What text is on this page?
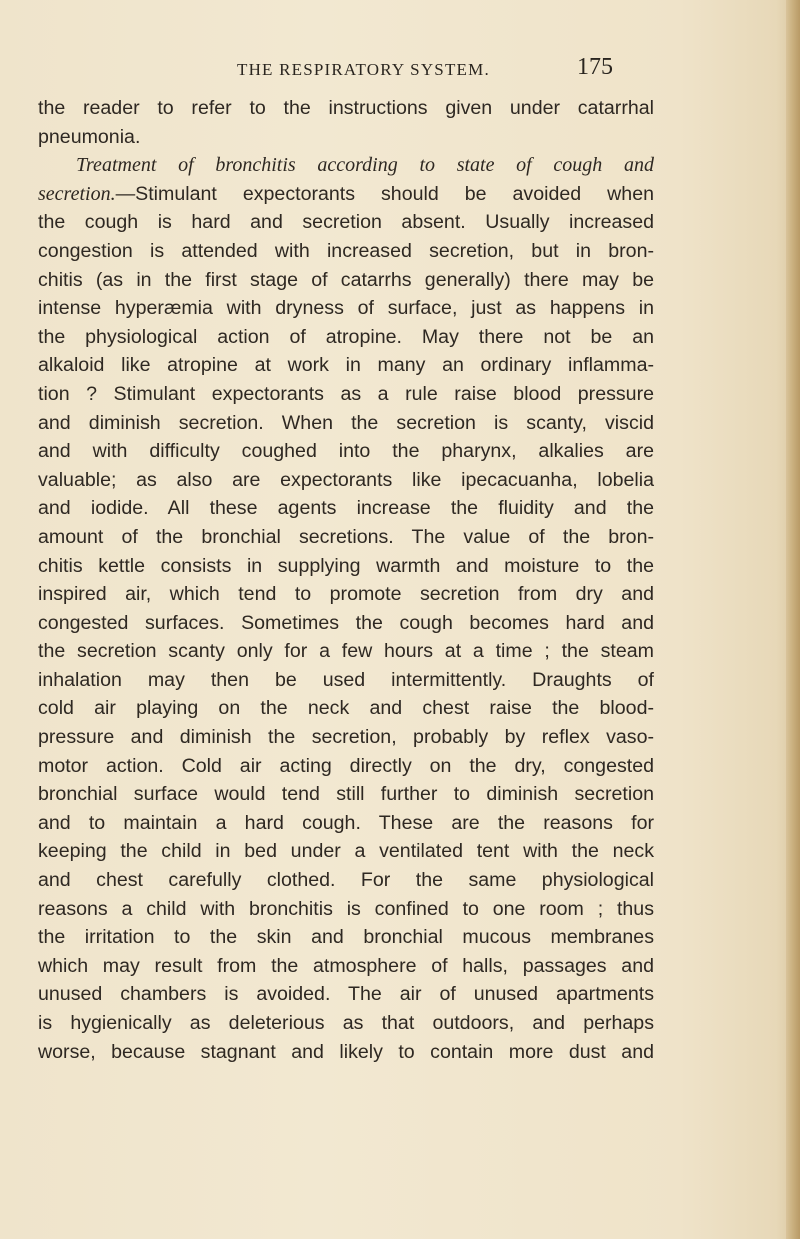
THE RESPIRATORY SYSTEM.	175
the reader to refer to the instructions given under catarrhal
pneumonia.
Treatment of bronchitis according to state of cough and
secretion.—Stimulant expectorants should be avoided when
the cough is hard and secretion absent. Usually increased
congestion is attended with increased secretion, but in bron-
chitis (as in the first stage of catarrhs generally) there may be
intense hyperæmia with dryness of surface, just as happens in
the physiological action of atropine. May there not be an
alkaloid like atropine at work in many an ordinary inflamma-
tion ? Stimulant expectorants as a rule raise blood pressure
and diminish secretion. When the secretion is scanty, viscid
and with difficulty coughed into the pharynx, alkalies are
valuable; as also are expectorants like ipecacuanha, lobelia
and iodide. All these agents increase the fluidity and the
amount of the bronchial secretions. The value of the bron-
chitis kettle consists in supplying warmth and moisture to the
inspired air, which tend to promote secretion from dry and
congested surfaces. Sometimes the cough becomes hard and
the secretion scanty only for a few hours at a time ; the steam
inhalation may then be used intermittently. Draughts of
cold air playing on the neck and chest raise the blood-
pressure and diminish the secretion, probably by reflex vaso-
motor action. Cold air acting directly on the dry, congested
bronchial surface would tend still further to diminish secretion
and to maintain a hard cough. These are the reasons for
keeping the child in bed under a ventilated tent with the neck
and chest carefully clothed. For the same physiological
reasons a child with bronchitis is confined to one room ; thus
the irritation to the skin and bronchial mucous membranes
which may result from the atmosphere of halls, passages and
unused chambers is avoided. The air of unused apartments
is hygienically as deleterious as that outdoors, and perhaps
worse, because stagnant and likely to contain more dust and
